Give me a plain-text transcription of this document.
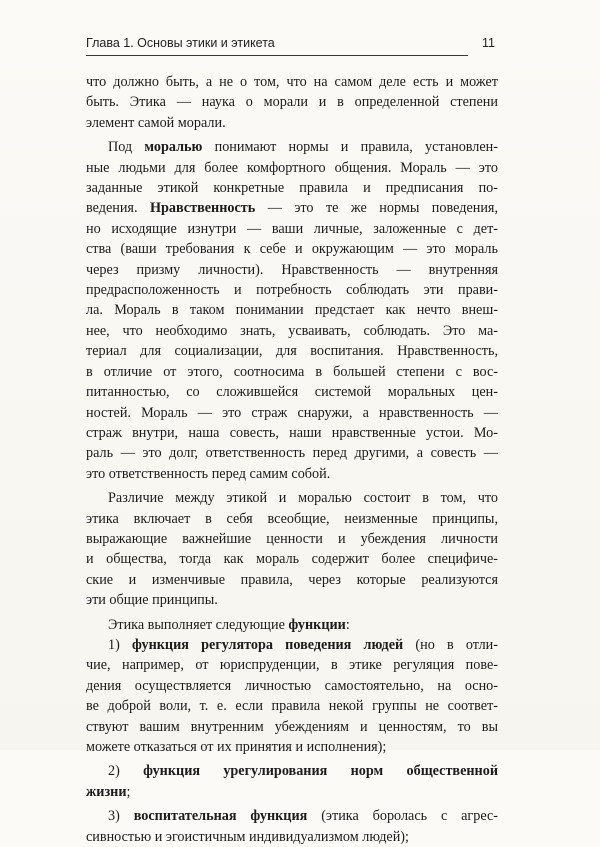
Глава 1. Основы этики и этикета	11

что должно быть, а не о том, что на самом деле есть и может

быть. Этика — наука о морали и в определенной степени

элемент самой морали.

Под моралью понимают нормы и правила, установлен-

ные людьми для более комфортного общения. Мораль — это

заданные этикой конкретные правила и предписания по-

ведения. Нравственность — это те же нормы поведения,

но исходящие изнутри — ваши личные, заложенные с дет-

ства (ваши требования к себе и окружающим — это мораль

через призму личности). Нравственность — внутренняя

предрасположенность и потребность соблюдать эти прави-

ла. Мораль в таком понимании предстает как нечто внеш-

нее, что необходимо знать, усваивать, соблюдать. Это ма-

териал для социализации, для воспитания. Нравственность,

в отличие от этого, соотносима в большей степени с вос-

питанностью, со сложившейся системой моральных цен-

ностей. Мораль — это страж снаружи, а нравственность —

страж внутри, наша совесть, наши нравственные устои. Мо-

раль — это долг, ответственность перед другими, а совесть —

это ответственность перед самим собой.

Различие между этикой и моралью состоит в том, что

этика включает в себя всеобщие, неизменные принципы,

выражающие важнейшие ценности и убеждения личности

и общества, тогда как мораль содержит более специфиче-

ские и изменчивые правила, через которые реализуются

эти общие принципы.

Этика выполняет следующие функции:

1) функция регулятора поведения людей (но в отли-

чие, например, от юриспруденции, в этике регуляция пове-

дения осуществляется личностью самостоятельно, на осно-

ве доброй воли, т. е. если правила некой группы не соответ-

ствуют вашим внутренним убеждениям и ценностям, то вы

можете отказаться от их принятия и исполнения);

2) функция урегулирования норм общественной

жизни;

3) воспитательная функция (этика боролась с агрес-

сивностью и эгоистичным индивидуализмом людей);
